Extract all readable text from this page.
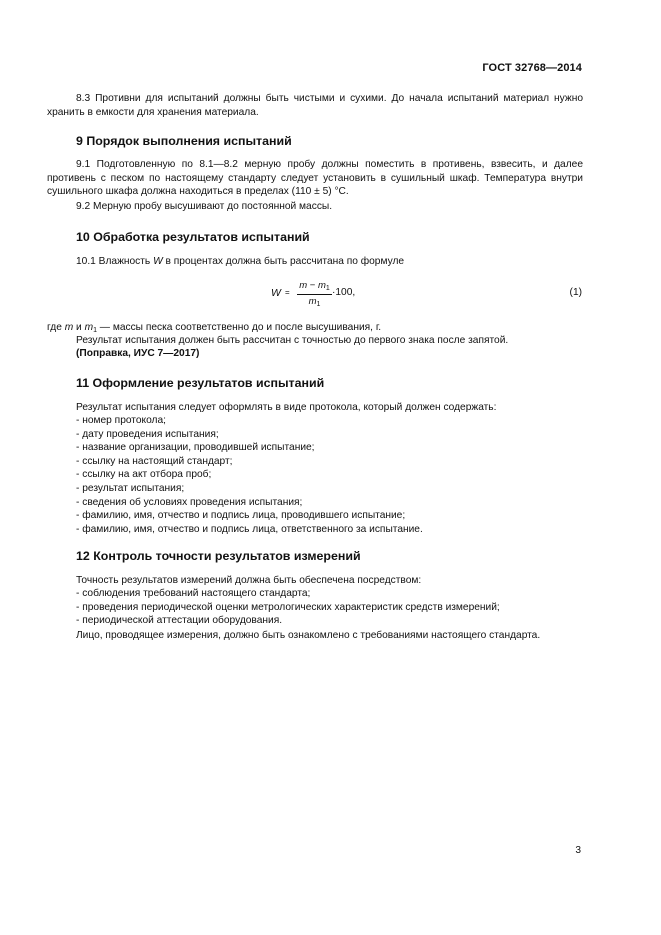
ГОСТ 32768—2014

8.3 Противни для испытаний должны быть чистыми и сухими. До начала испытаний материал нужно хранить в емкости для хранения материала.

9 Порядок выполнения испытаний

9.1 Подготовленную по 8.1—8.2 мерную пробу должны поместить в противень, взвесить, и далее противень с песком по настоящему стандарту следует установить в сушильный шкаф. Температура внутри сушильного шкафа должна находиться в пределах (110 ± 5) °С.

9.2 Мерную пробу высушивают до постоянной массы.

10 Обработка результатов испытаний

10.1 Влажность W в процентах должна быть рассчитана по формуле

W =
$m - m_1$
$m_1$
·100,	(1)

где m и $m_1$ — массы песка соответственно до и после высушивания, г.

Результат испытания должен быть рассчитан с точностью до первого знака после запятой.

(Поправка, ИУС 7—2017)

11 Оформление результатов испытаний

Результат испытания следует оформлять в виде протокола, который должен содержать:

- номер протокола;
- дату проведения испытания;
- название организации, проводившей испытание;
- ссылку на настоящий стандарт;
- ссылку на акт отбора проб;
- результат испытания;
- сведения об условиях проведения испытания;
- фамилию, имя, отчество и подпись лица, проводившего испытание;
- фамилию, имя, отчество и подпись лица, ответственного за испытание.
12 Контроль точности результатов измерений

Точность результатов измерений должна быть обеспечена посредством:

- соблюдения требований настоящего стандарта;
- проведения периодической оценки метрологических характеристик средств измерений;
- периодической аттестации оборудования.

Лицо, проводящее измерения, должно быть ознакомлено с требованиями настоящего стандарта.

3
